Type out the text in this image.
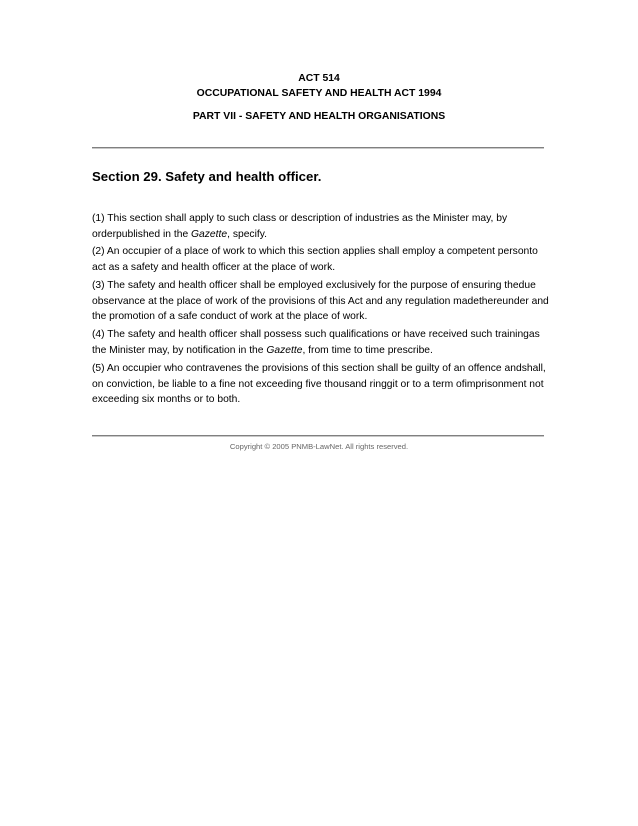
ACT 514
OCCUPATIONAL SAFETY AND HEALTH ACT 1994
PART VII - SAFETY AND HEALTH ORGANISATIONS
Section 29. Safety and health officer.
(1) This section shall apply to such class or description of industries as the Minister may, by orderpublished in the Gazette, specify.
(2) An occupier of a place of work to which this section applies shall employ a competent personto act as a safety and health officer at the place of work.
(3) The safety and health officer shall be employed exclusively for the purpose of ensuring thedue observance at the place of work of the provisions of this Act and any regulation madethereunder and the promotion of a safe conduct of work at the place of work.
(4) The safety and health officer shall possess such qualifications or have received such trainingas the Minister may, by notification in the Gazette, from time to time prescribe.
(5) An occupier who contravenes the provisions of this section shall be guilty of an offence andshall, on conviction, be liable to a fine not exceeding five thousand ringgit or to a term ofimprisonment not exceeding six months or to both.
Copyright © 2005 PNMB-LawNet. All rights reserved.
